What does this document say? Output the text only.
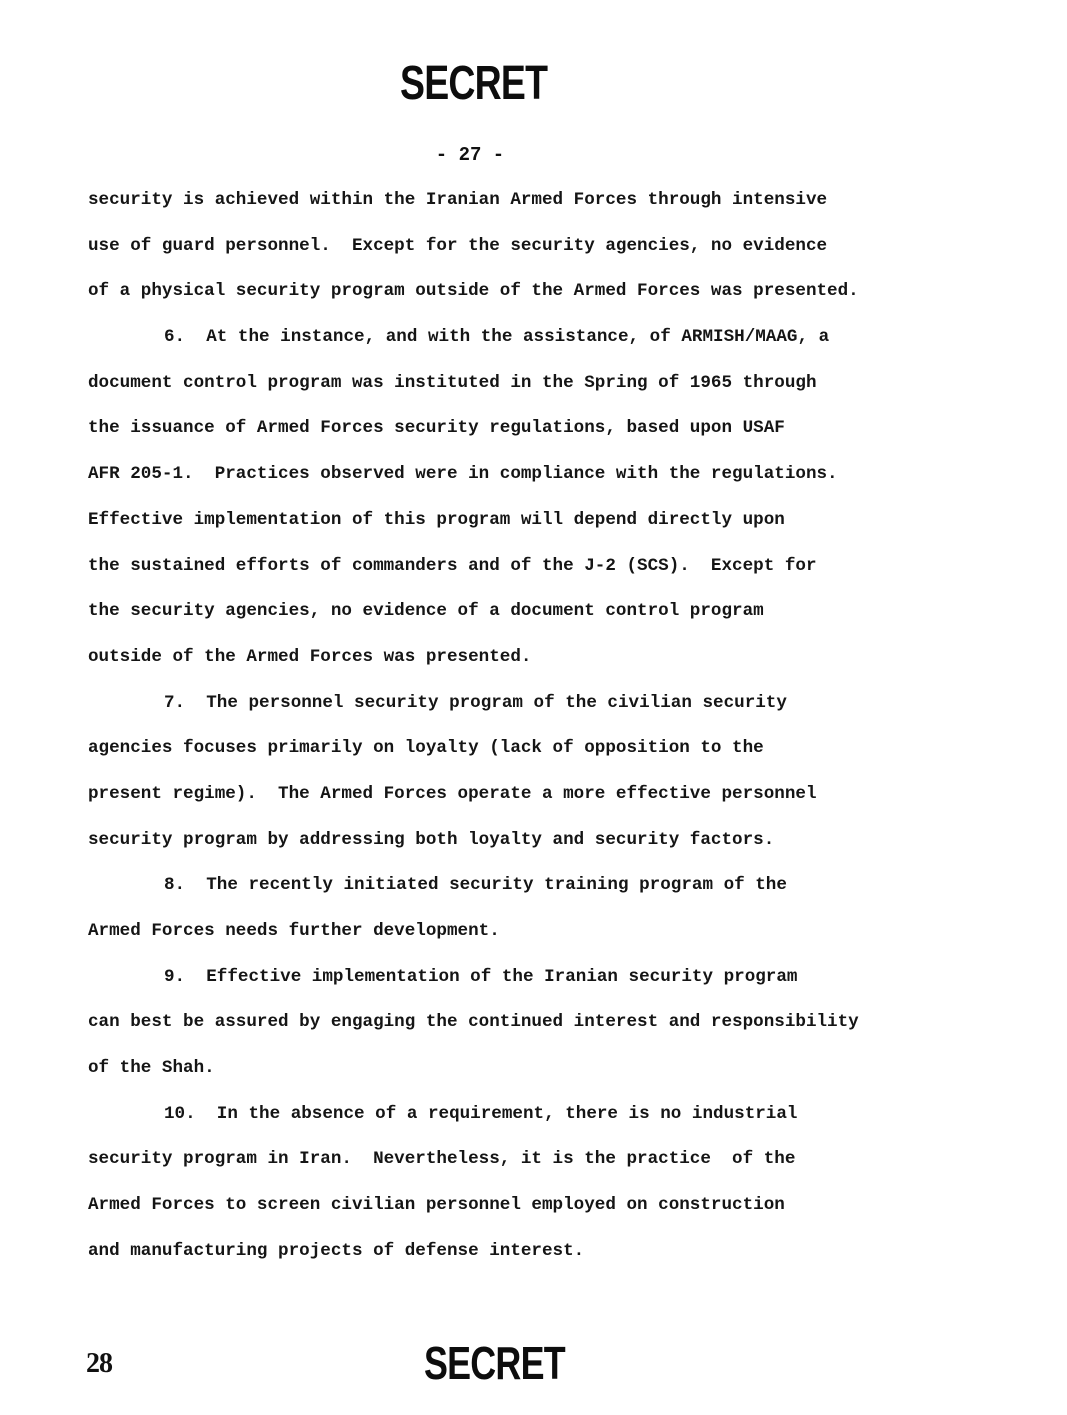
SECRET
- 27 -
security is achieved within the Iranian Armed Forces through intensive
use of guard personnel.  Except for the security agencies, no evidence
of a physical security program outside of the Armed Forces was presented.
6.  At the instance, and with the assistance, of ARMISH/MAAG, a
document control program was instituted in the Spring of 1965 through
the issuance of Armed Forces security regulations, based upon USAF
AFR 205-1.  Practices observed were in compliance with the regulations.
Effective implementation of this program will depend directly upon
the sustained efforts of commanders and of the J-2 (SCS).  Except for
the security agencies, no evidence of a document control program
outside of the Armed Forces was presented.
7.  The personnel security program of the civilian security
agencies focuses primarily on loyalty (lack of opposition to the
present regime).  The Armed Forces operate a more effective personnel
security program by addressing both loyalty and security factors.
8.  The recently initiated security training program of the
Armed Forces needs further development.
9.  Effective implementation of the Iranian security program
can best be assured by engaging the continued interest and responsibility
of the Shah.
10.  In the absence of a requirement, there is no industrial
security program in Iran.  Nevertheless, it is the practice  of the
Armed Forces to screen civilian personnel employed on construction
and manufacturing projects of defense interest.
28	SECRET
